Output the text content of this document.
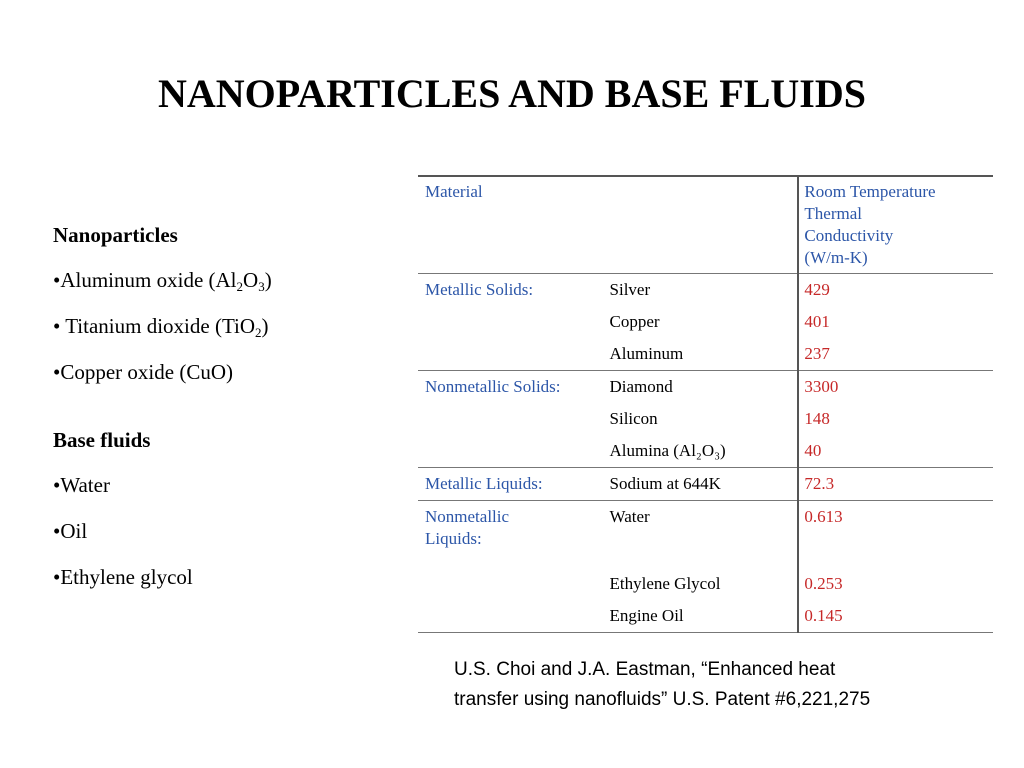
NANOPARTICLES AND BASE FLUIDS
Nanoparticles
•Aluminum oxide $(Al_2O_3)$
• Titanium dioxide (TiO$_2$)
•Copper oxide (CuO)
Base fluids
•Water
•Oil
•Ethylene glycol
Material		Room Temperature
Thermal
Conductivity
(W/m-K)

Metallic Solids:	Silver	429

	Copper	401

	Aluminum	237

Nonmetallic Solids:	Diamond	3300

	Silicon	148

	Alumina (Al₂O₃)	40

Metallic Liquids:	Sodium at 644K	72.3

Nonmetallic
Liquids:	Water	0.613

	Ethylene Glycol	0.253

	Engine Oil	0.145
U.S. Choi and J.A. Eastman, “Enhanced heat
transfer using nanofluids” U.S. Patent #6,221,275
